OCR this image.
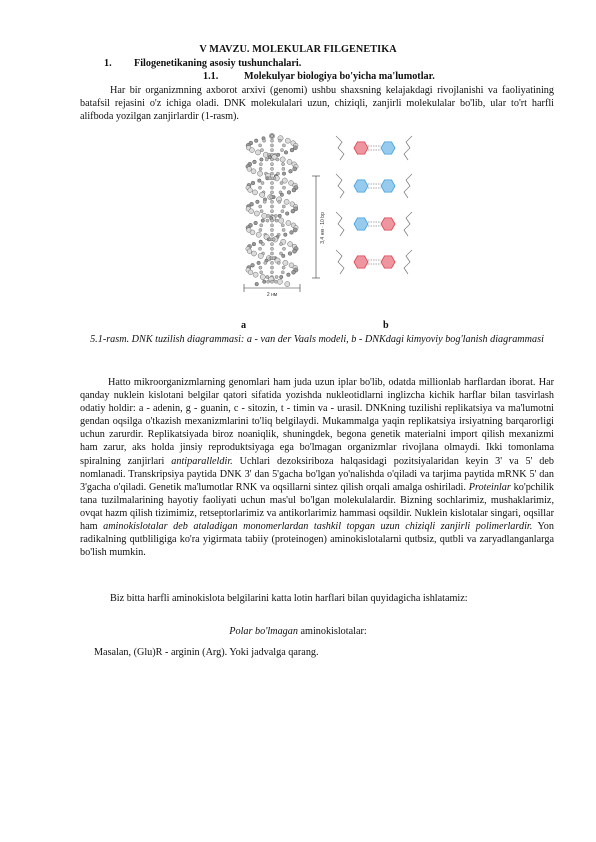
V MAVZU. MOLEKULAR FILGENETIKA
1. Filogenetikaning asosiy tushunchalari.
1.1.	Molekulyar biologiya bo'yicha ma'lumotlar.

Har bir organizmning axborot arxivi (genomi) ushbu shaxsning kelajakdagi rivojlanishi va faoliyatining batafsil rejasini o'z ichiga oladi. DNK molekulalari uzun, chiziqli, zanjirli molekulalar bo'lib, ular to'rt harfli alifboda yozilgan zanjirlardir (1-rasm).

3,4 нм · 10 bp
2 нм
a	b
5.1-rasm. DNK tuzilish diagrammasi: a - van der Vaals modeli, b - DNKdagi kimyoviy bog'lanish diagrammasi

Hatto mikroorganizmlarning genomlari ham juda uzun iplar bo'lib, odatda millionlab harflardan iborat. Har qanday nuklein kislotani belgilar qatori sifatida yozishda nukleotidlarni inglizcha kichik harflar bilan tasvirlash odatiy holdir: a - adenin, g - guanin, c - sitozin, t - timin va - urasil. DNKning tuzilishi replikatsiya va ma'lumotni gendan oqsilga o'tkazish mexanizmlarini to'liq belgilaydi. Mukammalga yaqin replikatsiya irsiyatning barqarorligi uchun zarurdir. Replikatsiyada biroz noaniqlik, shuningdek, begona genetik materialni import qilish mexanizmi ham zarur, aks holda jinsiy reproduktsiyaga ega bo'lmagan organizmlar rivojlana olmaydi. Ikki tomonlama spiralning zanjirlari antiparalleldir. Uchlari dezoksiriboza halqasidagi pozitsiyalaridan keyin 3' va 5' deb nomlanadi. Transkripsiya paytida DNK 3' dan 5'gacha bo'lgan yo'nalishda o'qiladi va tarjima paytida mRNK 5' dan 3'gacha o'qiladi. Genetik ma'lumotlar RNK va oqsillarni sintez qilish orqali amalga oshiriladi. Proteinlar ko'pchilik tana tuzilmalarining hayotiy faoliyati uchun mas'ul bo'lgan molekulalardir. Bizning sochlarimiz, mushaklarimiz, ovqat hazm qilish tizimimiz, retseptorlarimiz va antikorlarimiz hammasi oqsildir. Nuklein kislotalar singari, oqsillar ham aminokislotalar deb ataladigan monomerlardan tashkil topgan uzun chiziqli zanjirli polimerlardir. Yon radikalning qutbliligiga ko'ra yigirmata tabiiy (proteinogen) aminokislotalarni qutbsiz, qutbli va zaryadlanganlarga bo'lish mumkin.

Biz bitta harfli aminokislota belgilarini katta lotin harflari bilan quyidagicha ishlatamiz:

Polar bo'lmagan aminokislotalar:
Masalan, (Glu)R - arginin (Arg). Yoki jadvalga qarang.
